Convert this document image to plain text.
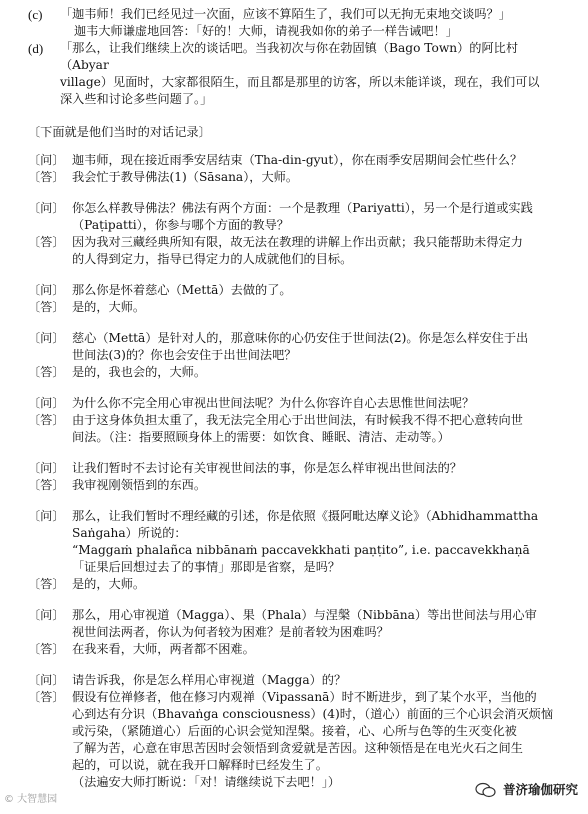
(c)	「迦韦师！我们已经见过一次面，应该不算陌生了，我们可以无拘无束地交谈吗？」
迦韦大师谦虚地回答：「好的！大师，请视我如你的弟子一样告诫吧！」
(d)	「那么，让我们继续上次的谈话吧。当我初次与你在勃固镇（Bago Town）的阿比村（Abyar
village）见面时，大家都很陌生，而且都是那里的访客，所以未能详谈，现在，我们可以
深入些和讨论多些问题了。」
〔下面就是他们当时的对话记录〕
〔问〕 迦韦师，现在接近雨季安居结束（Tha-din-gyut），你在雨季安居期间会忙些什么？
〔答〕 我会忙于教导佛法(1)（Sāsana），大师。
〔问〕 你怎么样教导佛法？佛法有两个方面：一个是教理（Pariyatti），另一个是行道或实践
（Paṭipatti），你参与哪个方面的教导？
〔答〕 因为我对三藏经典所知有限，故无法在教理的讲解上作出贡献；我只能帮助未得定力
的人得到定力，指导已得定力的人成就他们的目标。
〔问〕 那么你是怀着慈心（Mettā）去做的了。
〔答〕 是的，大师。
〔问〕 慈心（Mettā）是针对人的，那意味你的心仍安住于世间法(2)。你是怎么样安住于出
世间法(3)的？你也会安住于出世间法吧？
〔答〕 是的，我也会的，大师。
〔问〕 为什么你不完全用心审视出世间法呢？为什么你容许自心去思惟世间法呢？
〔答〕 由于这身体负担太重了，我无法完全用心于出世间法，有时候我不得不把心意转向世
间法。（注：指要照顾身体上的需要：如饮食、睡眠、清洁、走动等。）
〔问〕 让我们暂时不去讨论有关审视世间法的事，你是怎么样审视出世间法的？
〔答〕 我审视刚领悟到的东西。
〔问〕 那么，让我们暂时不理经藏的引述，你是依照《摄阿毗达摩义论》（Abhidhammattha
Saṅgaha）所说的：
“Maggaṁ phalañca nibbānaṁ paccavekkhati paṇṭito”, i.e. paccavekkhaṇā
「证果后回想过去了的事情」那即是省察，是吗？
〔答〕 是的，大师。
〔问〕 那么，用心审视道（Magga）、果（Phala）与涅槃（Nibbāna）等出世间法与用心审
视世间法两者，你认为何者较为困难？是前者较为困难吗？
〔答〕 在我来看，大师，两者都不困难。
〔问〕 请告诉我，你是怎么样用心审视道（Magga）的？
〔答〕 假设有位禅修者，他在修习内观禅（Vipassanā）时不断进步，到了某个水平，当他的
心到达有分识（Bhavaṅga consciousness）(4)时，（道心）前面的三个心识会消灭烦恼
或污染，（紧随道心）后面的心识会觉知涅槃。接着，心、心所与色等的生灭变化被
了解为苦，心意在审思苦因时会领悟到贪爱就是苦因。这种领悟是在电光火石之间生
起的，可以说，就在我开口解释时已经发生了。
（法遍安大师打断说：「对！请继续说下去吧！」）
© 大智慧园
普济瑜伽研究
